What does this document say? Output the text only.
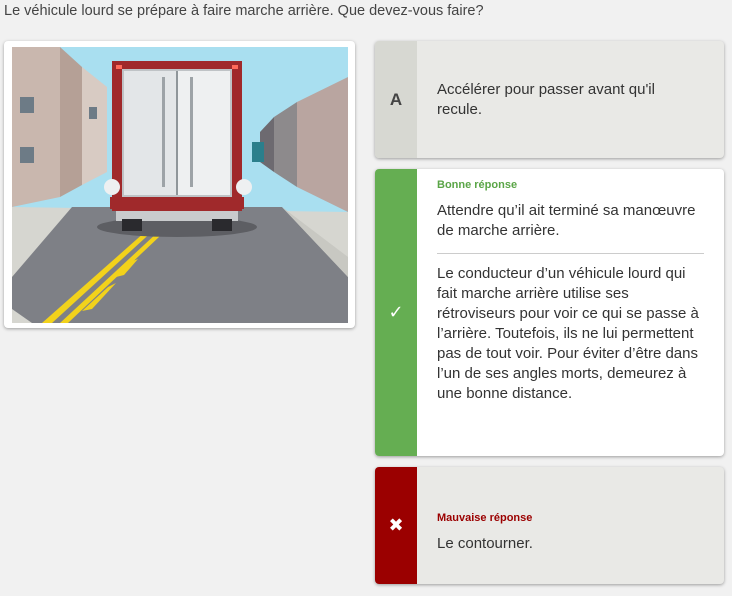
Le véhicule lourd se prépare à faire marche arrière. Que devez-vous faire?
A
Accélérer pour passer avant qu'il recule.
✓
Bonne réponse
Attendre qu’il ait terminé sa manœuvre de marche arrière.
Le conducteur d’un véhicule lourd qui fait marche arrière utilise ses rétroviseurs pour voir ce qui se passe à l’arrière. Toutefois, ils ne lui permettent pas de tout voir. Pour éviter d’être dans l’un de ses angles morts, demeurez à une bonne distance.
✖	Mauvaise réponse
Le contourner.
